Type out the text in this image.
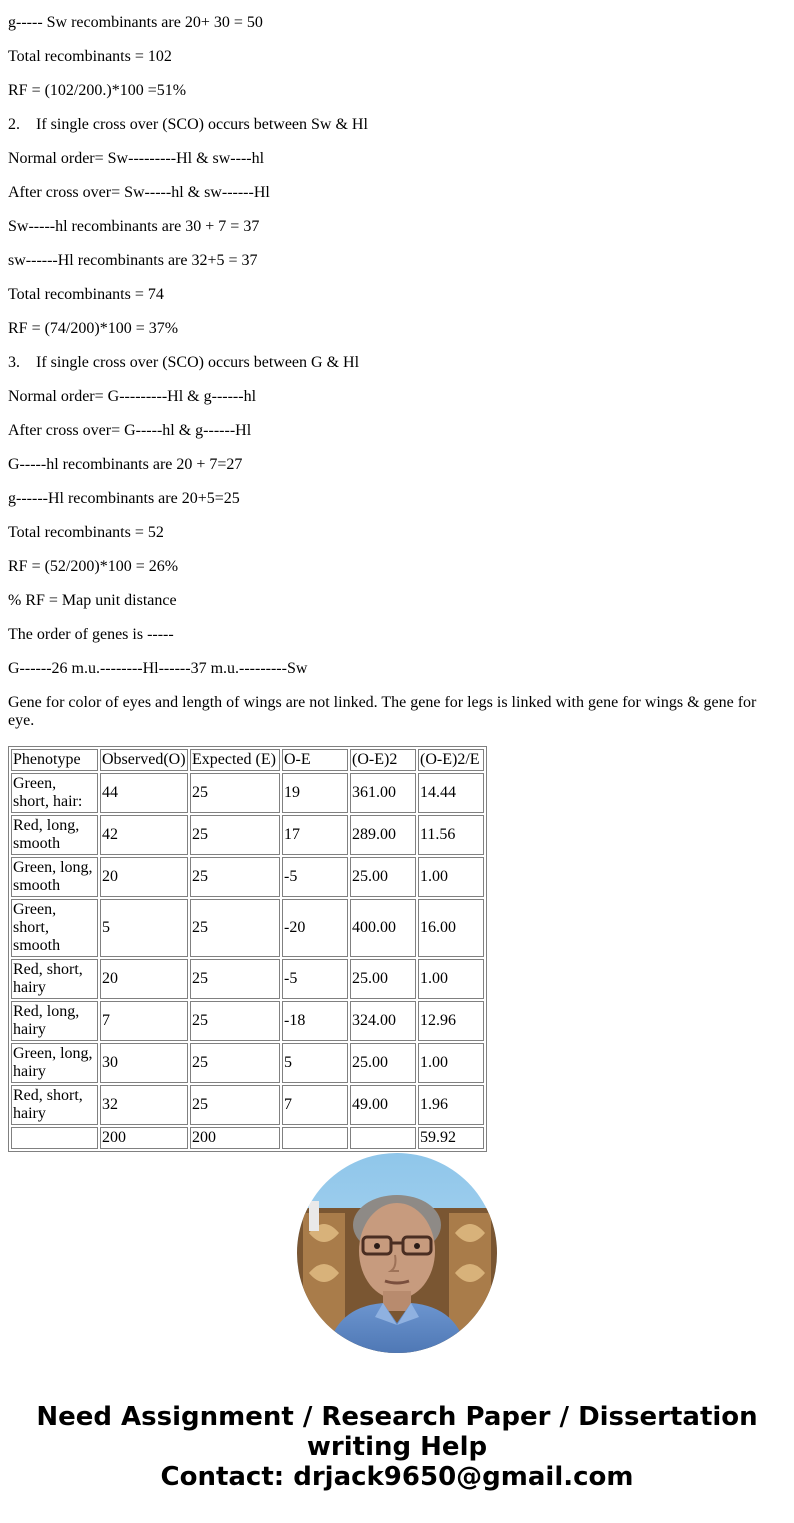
g----- Sw recombinants are 20+ 30 = 50
Total recombinants = 102
RF = (102/200.)*100 =51%
2. If single cross over (SCO) occurs between Sw & Hl
Normal order= Sw---------Hl & sw----hl
After cross over= Sw-----hl & sw------Hl
Sw-----hl recombinants are 30 + 7 = 37
sw------Hl recombinants are 32+5 = 37
Total recombinants = 74
RF = (74/200)*100 = 37%
3. If single cross over (SCO) occurs between G & Hl
Normal order= G---------Hl & g------hl
After cross over= G-----hl & g------Hl
G-----hl recombinants are 20 + 7=27
g------Hl recombinants are 20+5=25
Total recombinants = 52
RF = (52/200)*100 = 26%
% RF = Map unit distance
The order of genes is -----
G------26 m.u.--------Hl------37 m.u.---------Sw
Gene for color of eyes and length of wings are not linked. The gene for legs is linked with gene for wings & gene for eye.
Phenotype	Observed(O)	Expected (E)	O-E	(O-E)2	(O-E)2/E
Green, short, hair:	44	25	19	361.00	14.44
Red, long, smooth	42	25	17	289.00	11.56
Green, long, smooth	20	25	-5	25.00	1.00
Green, short, smooth	5	25	-20	400.00	16.00
Red, short, hairy	20	25	-5	25.00	1.00
Red, long, hairy	7	25	-18	324.00	12.96
Green, long, hairy	30	25	5	25.00	1.00
Red, short, hairy	32	25	7	49.00	1.96
	200	200			59.92
Need Assignment / Research Paper / Dissertation
writing Help
Contact: drjack9650@gmail.com
